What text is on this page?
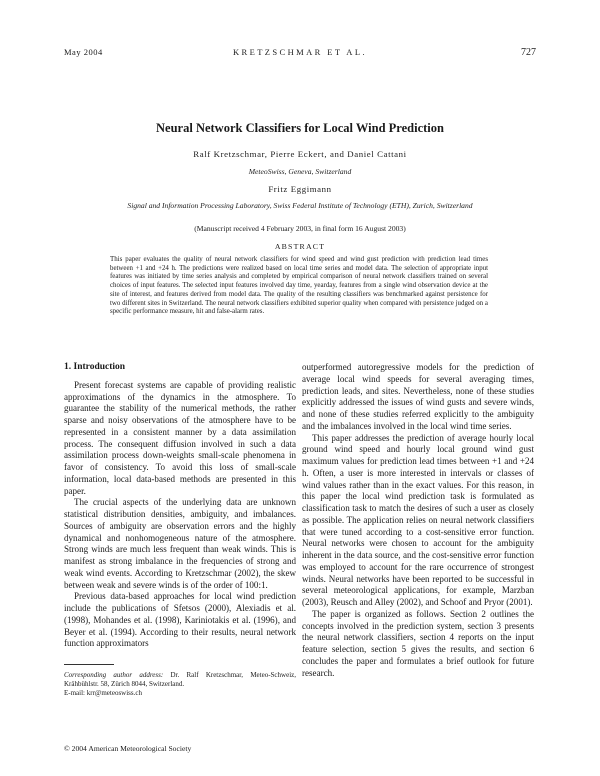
May 2004	KRETZSCHMAR ET AL.	727
Neural Network Classifiers for Local Wind Prediction
Ralf Kretzschmar, Pierre Eckert, and Daniel Cattani
MeteoSwiss, Geneva, Switzerland
Fritz Eggimann
Signal and Information Processing Laboratory, Swiss Federal Institute of Technology (ETH), Zurich, Switzerland
(Manuscript received 4 February 2003, in final form 16 August 2003)
ABSTRACT
This paper evaluates the quality of neural network classifiers for wind speed and wind gust prediction with prediction lead times between +1 and +24 h. The predictions were realized based on local time series and model data. The selection of appropriate input features was initiated by time series analysis and completed by empirical comparison of neural network classifiers trained on several choices of input features. The selected input features involved day time, yearday, features from a single wind observation device at the site of interest, and features derived from model data. The quality of the resulting classifiers was benchmarked against persistence for two different sites in Switzerland. The neural network classifiers exhibited superior quality when compared with persistence judged on a specific performance measure, hit and false-alarm rates.
1. Introduction

Present forecast systems are capable of providing realistic approximations of the dynamics in the atmosphere. To guarantee the stability of the numerical methods, the rather sparse and noisy observations of the atmosphere have to be represented in a consistent manner by a data assimilation process. The consequent diffusion involved in such a data assimilation process down-weights small-scale phenomena in favor of consistency. To avoid this loss of small-scale information, local data-based methods are presented in this paper.

The crucial aspects of the underlying data are unknown statistical distribution densities, ambiguity, and imbalances. Sources of ambiguity are observation errors and the highly dynamical and nonhomogeneous nature of the atmosphere. Strong winds are much less frequent than weak winds. This is manifest as strong imbalance in the frequencies of strong and weak wind events. According to Kretzschmar (2002), the skew between weak and severe winds is of the order of 100:1.

Previous data-based approaches for local wind prediction include the publications of Sfetsos (2000), Alexiadis et al. (1998), Mohandes et al. (1998), Kariniotakis et al. (1996), and Beyer et al. (1994). According to their results, neural network function approximators

outperformed autoregressive models for the prediction of average local wind speeds for several averaging times, prediction leads, and sites. Nevertheless, none of these studies explicitly addressed the issues of wind gusts and severe winds, and none of these studies referred explicitly to the ambiguity and the imbalances involved in the local wind time series.

This paper addresses the prediction of average hourly local ground wind speed and hourly local ground wind gust maximum values for prediction lead times between +1 and +24 h. Often, a user is more interested in intervals or classes of wind values rather than in the exact values. For this reason, in this paper the local wind prediction task is formulated as classification task to match the desires of such a user as closely as possible. The application relies on neural network classifiers that were tuned according to a cost-sensitive error function. Neural networks were chosen to account for the ambiguity inherent in the data source, and the cost-sensitive error function was employed to account for the rare occurrence of strongest winds. Neural networks have been reported to be successful in several meteorological applications, for example, Marzban (2003), Reusch and Alley (2002), and Schoof and Pryor (2001).

The paper is organized as follows. Section 2 outlines the concepts involved in the prediction system, section 3 presents the neural network classifiers, section 4 reports on the input feature selection, section 5 gives the results, and section 6 concludes the paper and formulates a brief outlook for future research.

Corresponding author address: Dr. Ralf Kretzschmar, Meteo-Schweiz, Krähbühlstr. 58, Zürich 8044, Switzerland.
E-mail: krr@meteoswiss.ch
© 2004 American Meteorological Society
